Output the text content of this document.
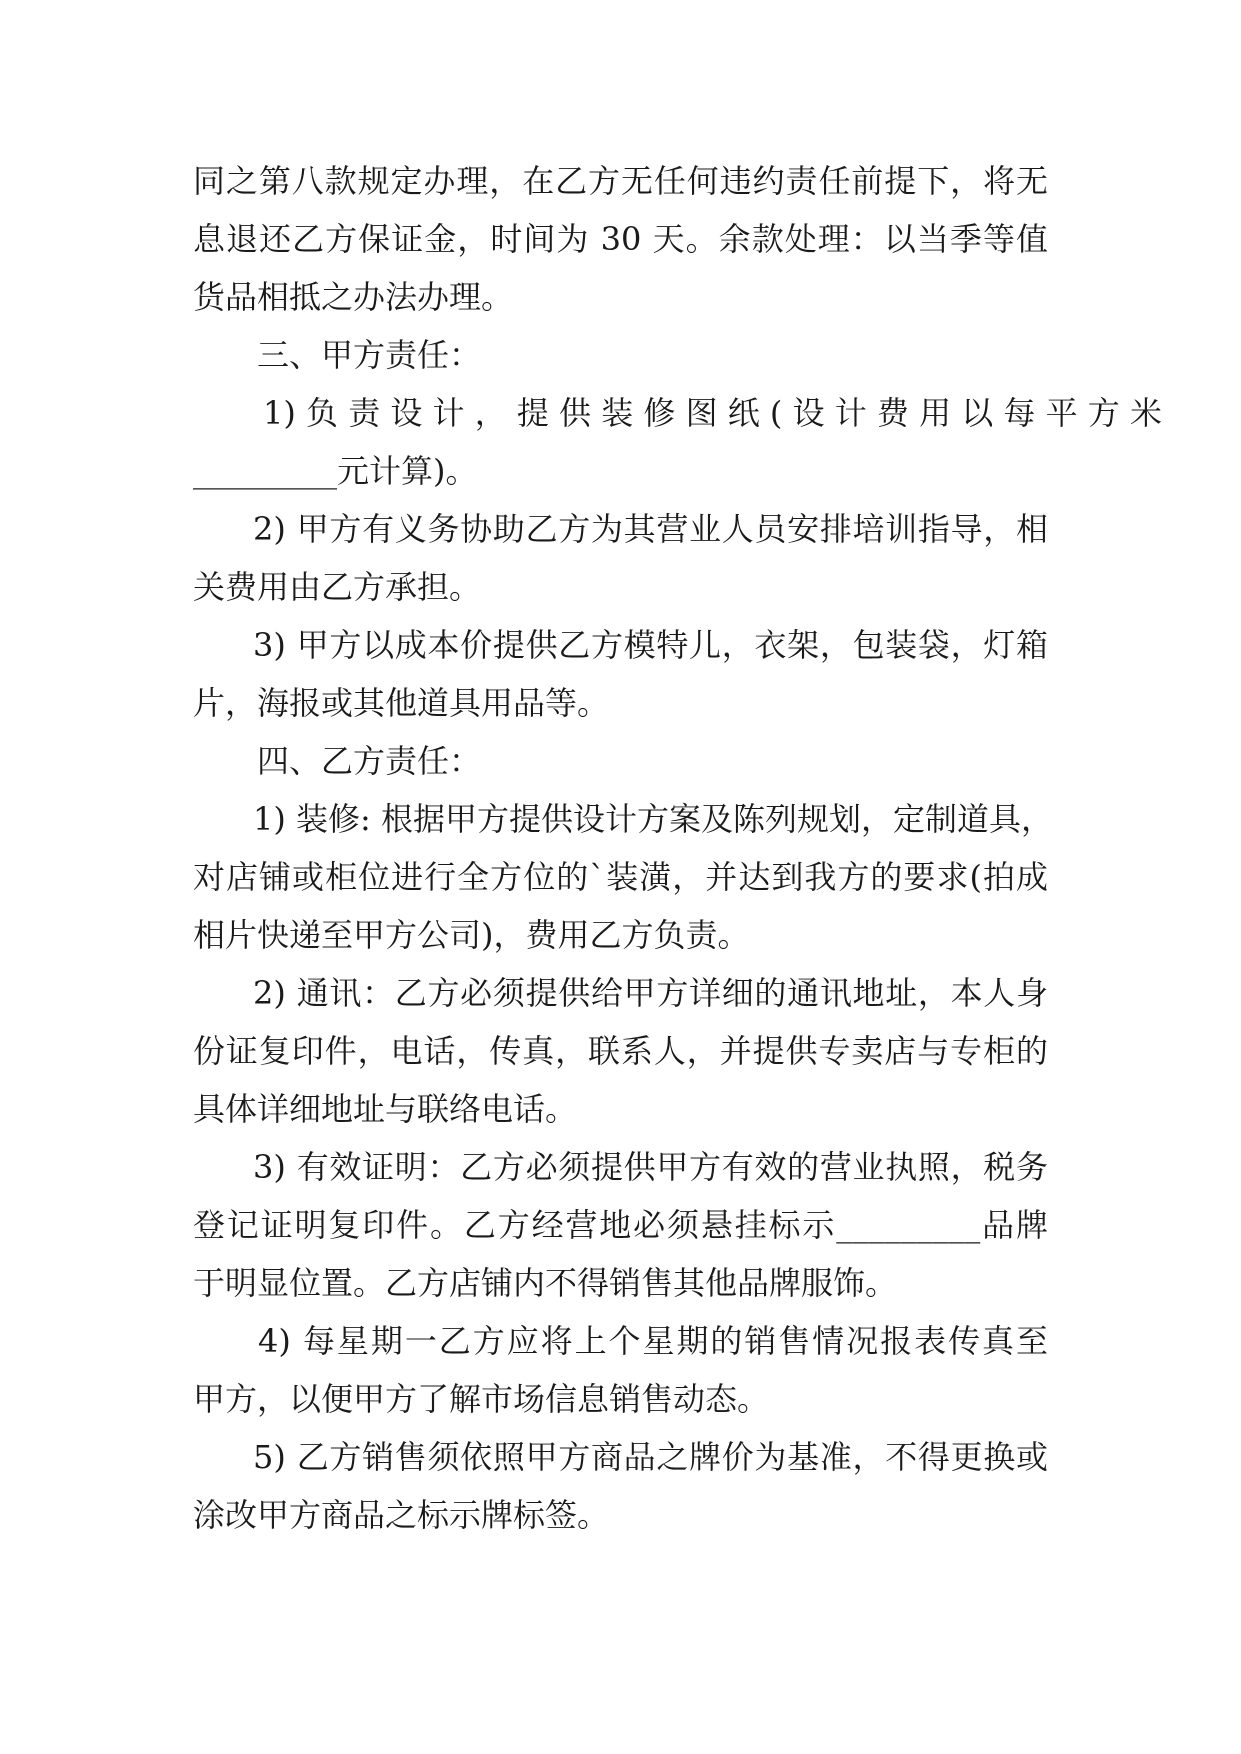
同之第八款规定办理，在乙方无任何违约责任前提下，将无
息退还乙方保证金，时间为 30 天。余款处理：以当季等值
货品相抵之办法办理。
三、甲方责任：
1) 负 责 设 计 ， 提 供 装 修 图 纸 ( 设 计 费 用 以 每 平 方 米
_________元计算)。
2) 甲方有义务协助乙方为其营业人员安排培训指导，相
关费用由乙方承担。
3) 甲方以成本价提供乙方模特儿，衣架，包装袋，灯箱
片，海报或其他道具用品等。
四、乙方责任：
1) 装修: 根据甲方提供设计方案及陈列规划，定制道具，
对店铺或柜位进行全方位的`装潢，并达到我方的要求(拍成
相片快递至甲方公司)，费用乙方负责。
2) 通讯：乙方必须提供给甲方详细的通讯地址，本人身
份证复印件，电话，传真，联系人，并提供专卖店与专柜的
具体详细地址与联络电话。
3) 有效证明：乙方必须提供甲方有效的营业执照，税务
登记证明复印件。乙方经营地必须悬挂标示_________品牌
于明显位置。乙方店铺内不得销售其他品牌服饰。
4) 每星期一乙方应将上个星期的销售情况报表传真至
甲方，以便甲方了解市场信息销售动态。
5) 乙方销售须依照甲方商品之牌价为基准，不得更换或
涂改甲方商品之标示牌标签。
